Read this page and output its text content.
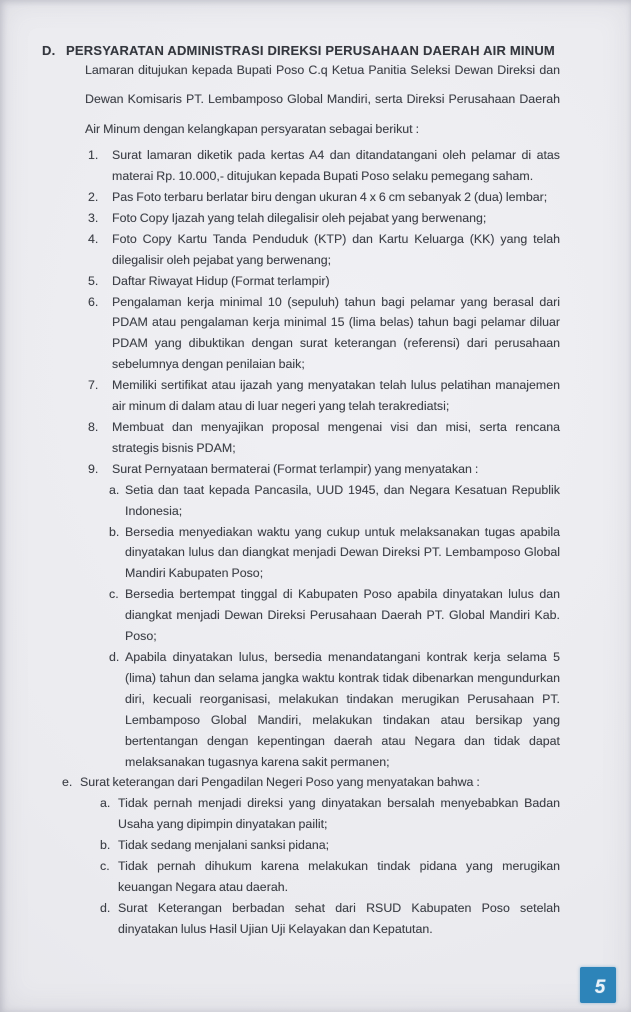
D. PERSYARATAN ADMINISTRASI DIREKSI PERUSAHAAN DAERAH AIR MINUM
Lamaran ditujukan kepada Bupati Poso C.q Ketua Panitia Seleksi Dewan Direksi dan Dewan Komisaris PT. Lembamposo Global Mandiri, serta Direksi Perusahaan Daerah Air Minum dengan kelangkapan persyaratan sebagai berikut :
1. Surat lamaran diketik pada kertas A4 dan ditandatangani oleh pelamar di atas materai Rp. 10.000,- ditujukan kepada Bupati Poso selaku pemegang saham.
2. Pas Foto terbaru berlatar biru dengan ukuran 4 x 6 cm sebanyak 2 (dua) lembar;
3. Foto Copy Ijazah yang telah dilegalisir oleh pejabat yang berwenang;
4. Foto Copy Kartu Tanda Penduduk (KTP) dan Kartu Keluarga (KK) yang telah dilegalisir oleh pejabat yang berwenang;
5. Daftar Riwayat Hidup (Format terlampir)
6. Pengalaman kerja minimal 10 (sepuluh) tahun bagi pelamar yang berasal dari PDAM atau pengalaman kerja minimal 15 (lima belas) tahun bagi pelamar diluar PDAM yang dibuktikan dengan surat keterangan (referensi) dari perusahaan sebelumnya dengan penilaian baik;
7. Memiliki sertifikat atau ijazah yang menyatakan telah lulus pelatihan manajemen air minum di dalam atau di luar negeri yang telah terakrediatsi;
8. Membuat dan menyajikan proposal mengenai visi dan misi, serta rencana strategis bisnis PDAM;
9. Surat Pernyataan bermaterai (Format terlampir) yang menyatakan :
a. Setia dan taat kepada Pancasila, UUD 1945, dan Negara Kesatuan Republik Indonesia;
b. Bersedia menyediakan waktu yang cukup untuk melaksanakan tugas apabila dinyatakan lulus dan diangkat menjadi Dewan Direksi PT. Lembamposo Global Mandiri Kabupaten Poso;
c. Bersedia bertempat tinggal di Kabupaten Poso apabila dinyatakan lulus dan diangkat menjadi Dewan Direksi Perusahaan Daerah PT. Global Mandiri Kab. Poso;
d. Apabila dinyatakan lulus, bersedia menandatangani kontrak kerja selama 5 (lima) tahun dan selama jangka waktu kontrak tidak dibenarkan mengundurkan diri, kecuali reorganisasi, melakukan tindakan merugikan Perusahaan PT. Lembamposo Global Mandiri, melakukan tindakan atau bersikap yang bertentangan dengan kepentingan daerah atau Negara dan tidak dapat melaksanakan tugasnya karena sakit permanen;
e. Surat keterangan dari Pengadilan Negeri Poso yang menyatakan bahwa :
a. Tidak pernah menjadi direksi yang dinyatakan bersalah menyebabkan Badan Usaha yang dipimpin dinyatakan pailit;
b. Tidak sedang menjalani sanksi pidana;
c. Tidak pernah dihukum karena melakukan tindak pidana yang merugikan keuangan Negara atau daerah.
d. Surat Keterangan berbadan sehat dari RSUD Kabupaten Poso setelah dinyatakan lulus Hasil Ujian Uji Kelayakan dan Kepatutan.
5
